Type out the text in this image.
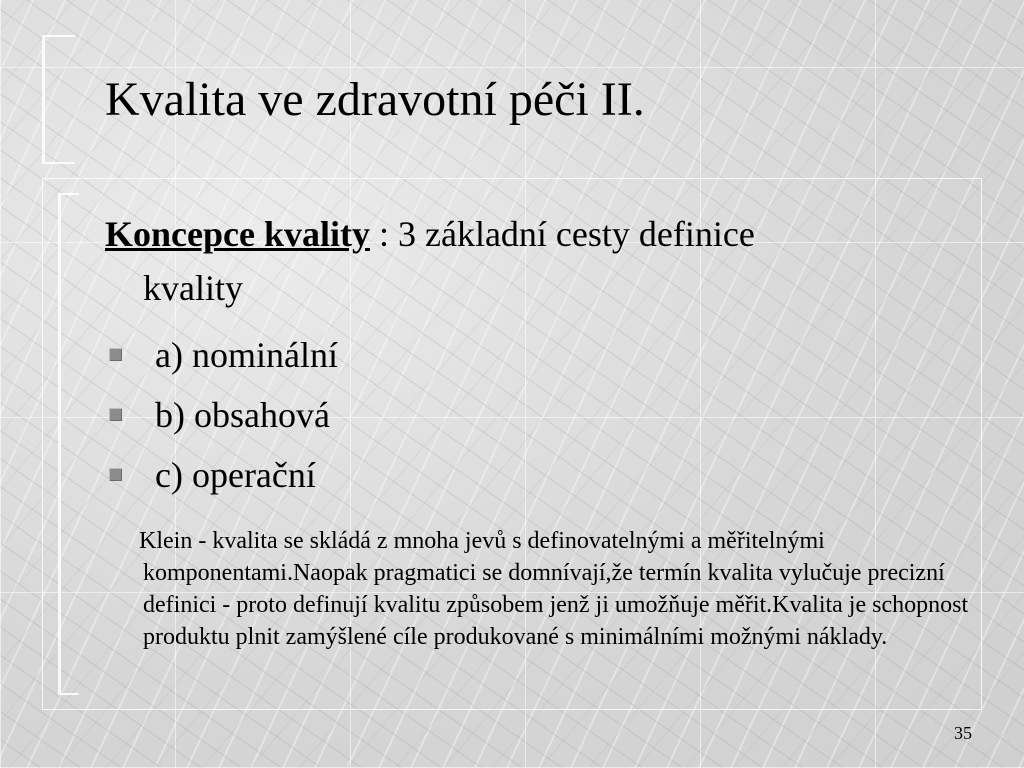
Kvalita ve zdravotní péči II.
Koncepce kvality : 3 základní cesty definice
kvality
a) nominální
b) obsahová
c) operační

Klein - kvalita se skládá z mnoha jevů s definovatelnými a měřitelnými komponentami.Naopak pragmatici se domnívají,že termín kvalita vylučuje precizní definici - proto definují kvalitu způsobem jenž ji umožňuje měřit.Kvalita je schopnost produktu plnit zamýšlené cíle produkované s minimálními možnými náklady.

35
